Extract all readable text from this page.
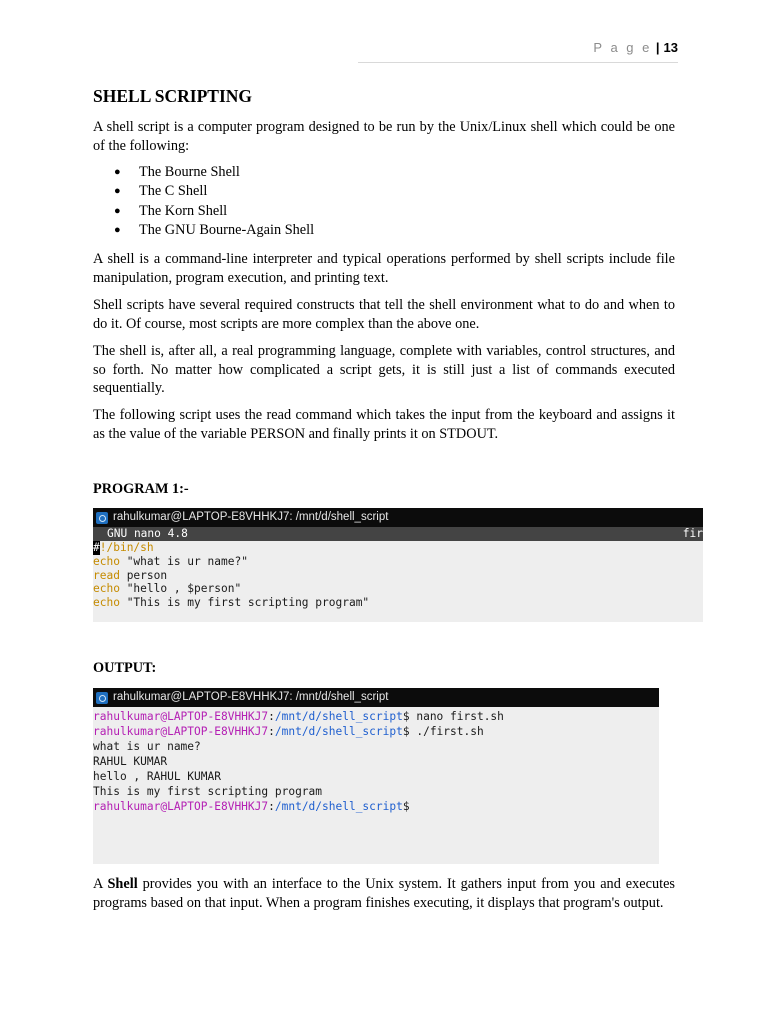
P a g e | 13
SHELL SCRIPTING

A shell script is a computer program designed to be run by the Unix/Linux shell which could be one of the following:

● The Bourne Shell
● The C Shell
● The Korn Shell
● The GNU Bourne-Again Shell

A shell is a command-line interpreter and typical operations performed by shell scripts include file manipulation, program execution, and printing text.

Shell scripts have several required constructs that tell the shell environment what to do and when to do it. Of course, most scripts are more complex than the above one.

The shell is, after all, a real programming language, complete with variables, control structures, and so forth. No matter how complicated a script gets, it is still just a list of commands executed sequentially.

The following script uses the read command which takes the input from the keyboard and assigns it as the value of the variable PERSON and finally prints it on STDOUT.

PROGRAM 1:-
OUTPUT:

A Shell provides you with an interface to the Unix system. It gathers input from you and executes programs based on that input. When a program finishes executing, it displays that program's output.

rahulkumar@LAPTOP-E8VHHKJ7: /mnt/d/shell_script
GNU nano 4.8	fir
#!/bin/sh
echo "what is ur name?"
read person
echo "hello , $person"
echo "This is my first scripting program"
rahulkumar@LAPTOP-E8VHHKJ7: /mnt/d/shell_script
rahulkumar@LAPTOP-E8VHHKJ7:/mnt/d/shell_script$ nano first.sh
rahulkumar@LAPTOP-E8VHHKJ7:/mnt/d/shell_script$ ./first.sh
what is ur name?
RAHUL KUMAR
hello , RAHUL KUMAR
This is my first scripting program
rahulkumar@LAPTOP-E8VHHKJ7:/mnt/d/shell_script$
